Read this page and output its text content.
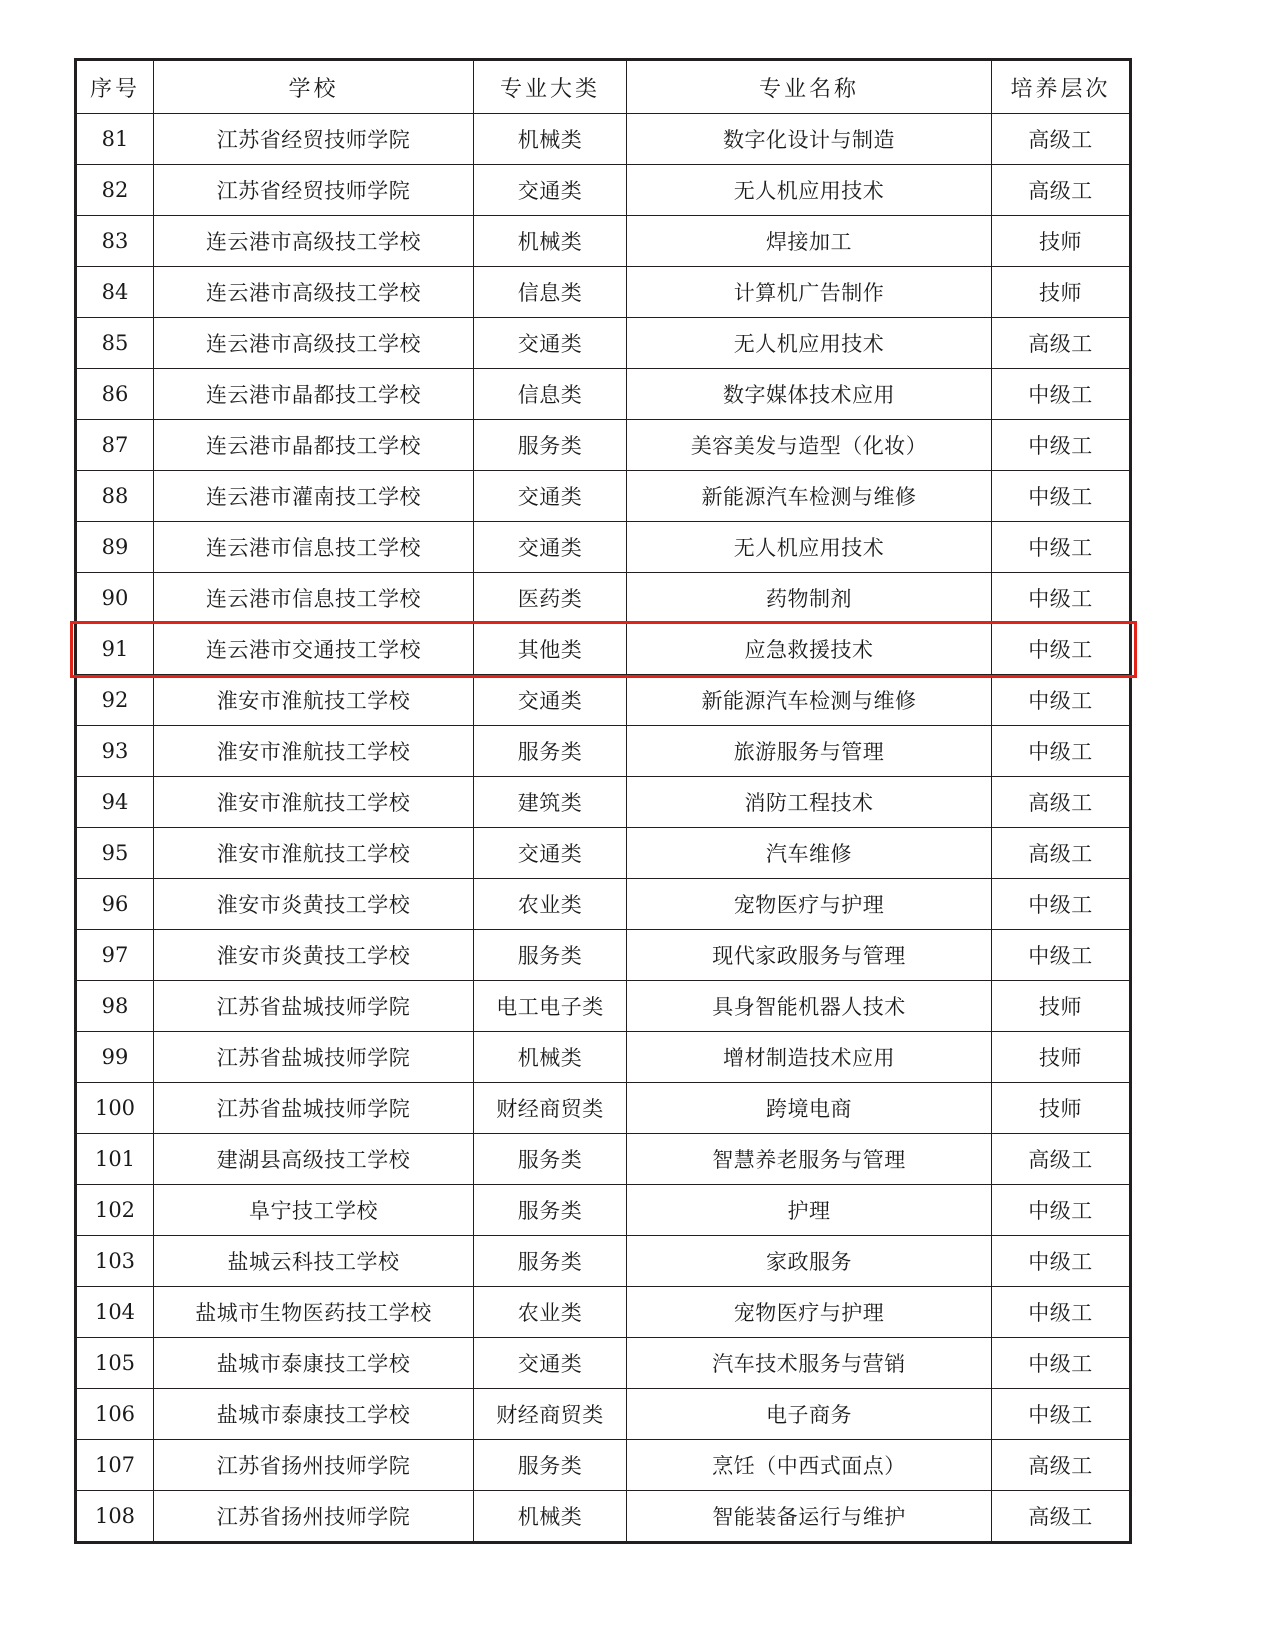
序号	学校	专业大类	专业名称	培养层次
81	江苏省经贸技师学院	机械类	数字化设计与制造	高级工
82	江苏省经贸技师学院	交通类	无人机应用技术	高级工
83	连云港市高级技工学校	机械类	焊接加工	技师
84	连云港市高级技工学校	信息类	计算机广告制作	技师
85	连云港市高级技工学校	交通类	无人机应用技术	高级工
86	连云港市晶都技工学校	信息类	数字媒体技术应用	中级工
87	连云港市晶都技工学校	服务类	美容美发与造型（化妆）	中级工
88	连云港市灌南技工学校	交通类	新能源汽车检测与维修	中级工
89	连云港市信息技工学校	交通类	无人机应用技术	中级工
90	连云港市信息技工学校	医药类	药物制剂	中级工
91	连云港市交通技工学校	其他类	应急救援技术	中级工
92	淮安市淮航技工学校	交通类	新能源汽车检测与维修	中级工
93	淮安市淮航技工学校	服务类	旅游服务与管理	中级工
94	淮安市淮航技工学校	建筑类	消防工程技术	高级工
95	淮安市淮航技工学校	交通类	汽车维修	高级工
96	淮安市炎黄技工学校	农业类	宠物医疗与护理	中级工
97	淮安市炎黄技工学校	服务类	现代家政服务与管理	中级工
98	江苏省盐城技师学院	电工电子类	具身智能机器人技术	技师
99	江苏省盐城技师学院	机械类	增材制造技术应用	技师
100	江苏省盐城技师学院	财经商贸类	跨境电商	技师
101	建湖县高级技工学校	服务类	智慧养老服务与管理	高级工
102	阜宁技工学校	服务类	护理	中级工
103	盐城云科技工学校	服务类	家政服务	中级工
104	盐城市生物医药技工学校	农业类	宠物医疗与护理	中级工
105	盐城市泰康技工学校	交通类	汽车技术服务与营销	中级工
106	盐城市泰康技工学校	财经商贸类	电子商务	中级工
107	江苏省扬州技师学院	服务类	烹饪（中西式面点）	高级工
108	江苏省扬州技师学院	机械类	智能装备运行与维护	高级工
